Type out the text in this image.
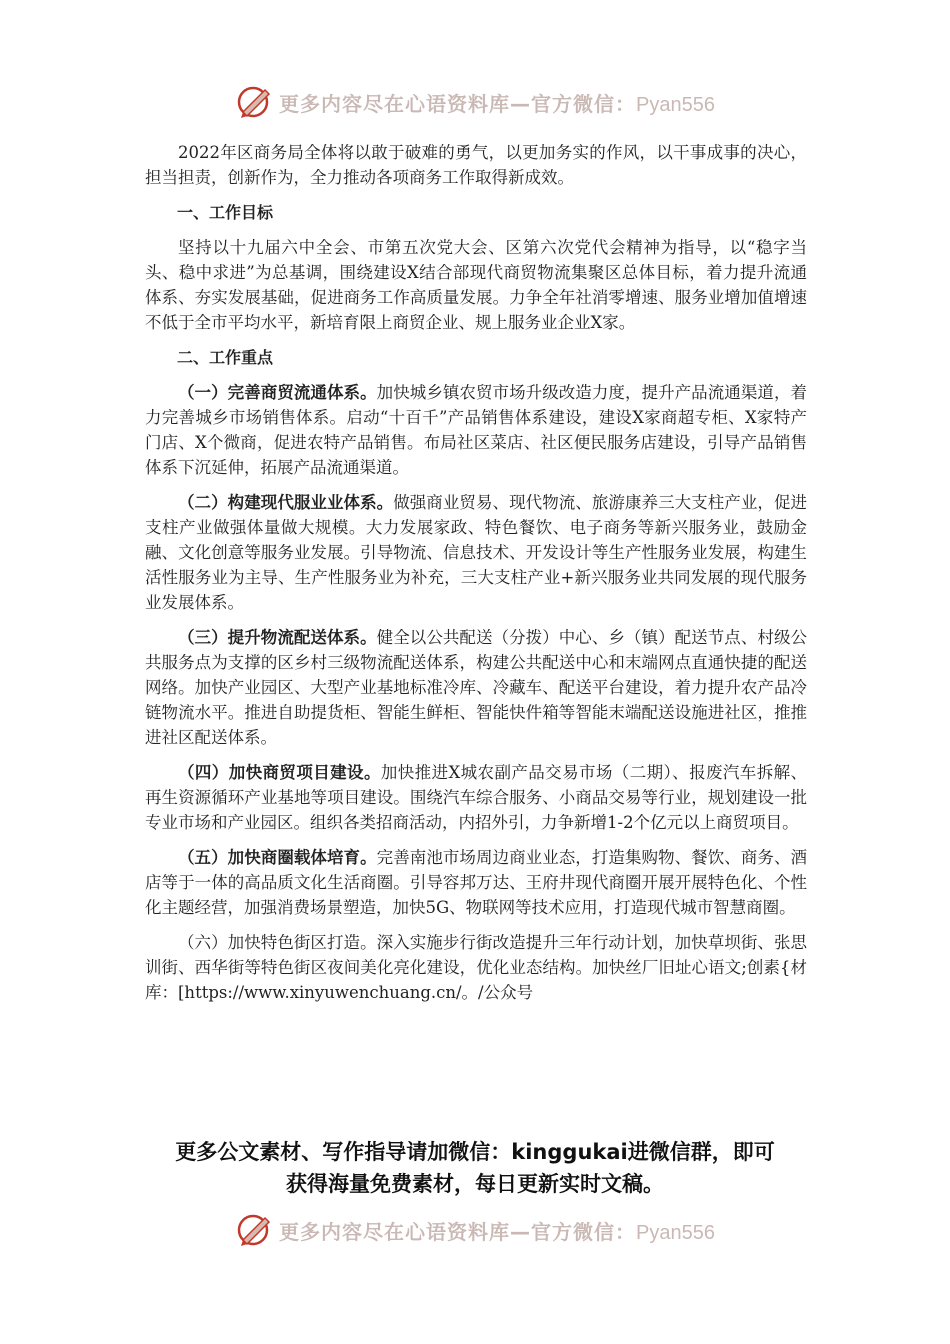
更多内容尽在心语资料库—官方微信：Pyan556

2022年区商务局全体将以敢于破难的勇气，以更加务实的作风，以干事成事的决心，担当担责，创新作为，全力推动各项商务工作取得新成效。

一、工作目标

坚持以十九届六中全会、市第五次党大会、区第六次党代会精神为指导，以“稳字当头、稳中求进”为总基调，围绕建设X结合部现代商贸物流集聚区总体目标，着力提升流通体系、夯实发展基础，促进商务工作高质量发展。力争全年社消零增速、服务业增加值增速不低于全市平均水平，新培育限上商贸企业、规上服务业企业X家。

二、工作重点

（一）完善商贸流通体系。加快城乡镇农贸市场升级改造力度，提升产品流通渠道，着力完善城乡市场销售体系。启动“十百千”产品销售体系建设，建设X家商超专柜、X家特产门店、X个微商，促进农特产品销售。布局社区菜店、社区便民服务店建设，引导产品销售体系下沉延伸，拓展产品流通渠道。

（二）构建现代服业业体系。做强商业贸易、现代物流、旅游康养三大支柱产业，促进支柱产业做强体量做大规模。大力发展家政、特色餐饮、电子商务等新兴服务业，鼓励金融、文化创意等服务业发展。引导物流、信息技术、开发设计等生产性服务业发展，构建生活性服务业为主导、生产性服务业为补充，三大支柱产业+新兴服务业共同发展的现代服务业发展体系。

（三）提升物流配送体系。健全以公共配送（分拨）中心、乡（镇）配送节点、村级公共服务点为支撑的区乡村三级物流配送体系，构建公共配送中心和末端网点直通快捷的配送网络。加快产业园区、大型产业基地标准冷库、冷藏车、配送平台建设，着力提升农产品冷链物流水平。推进自助提货柜、智能生鲜柜、智能快件箱等智能末端配送设施进社区，推推进社区配送体系。

（四）加快商贸项目建设。加快推进X城农副产品交易市场（二期）、报废汽车拆解、再生资源循环产业基地等项目建设。围绕汽车综合服务、小商品交易等行业，规划建设一批专业市场和产业园区。组织各类招商活动，内招外引，力争新增1-2个亿元以上商贸项目。

（五）加快商圈载体培育。完善南池市场周边商业业态，打造集购物、餐饮、商务、酒店等于一体的高品质文化生活商圈。引导容邦万达、王府井现代商圈开展开展特色化、个性化主题经营，加强消费场景塑造，加快5G、物联网等技术应用，打造现代城市智慧商圈。

（六）加快特色街区打造。深入实施步行街改造提升三年行动计划，加快草坝街、张思训街、西华街等特色街区夜间美化亮化建设，优化业态结构。加快丝厂旧址心语文;创素{材库：[https://www.xinyuwenchuang.cn/。/公众号

更多公文素材、写作指导请加微信：kinggukai进微信群，即可
获得海量免费素材，每日更新实时文稿。
更多内容尽在心语资料库—官方微信：Pyan556
